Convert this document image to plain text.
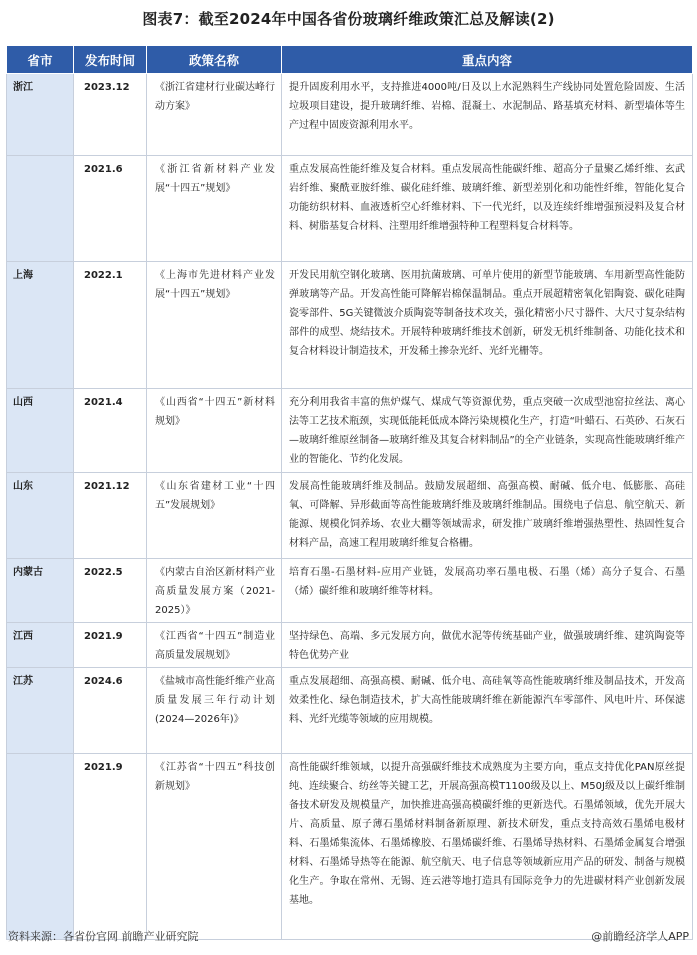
图表7：截至2024年中国各省份玻璃纤维政策汇总及解读(2)
省市	发布时间	政策名称	重点内容
浙江	2023.12	《浙江省建材行业碳达峰行动方案》	提升固废利用水平，支持推进4000吨/日及以上水泥熟料生产线协同处置危险固废、生活垃圾项目建设，提升玻璃纤维、岩棉、混凝土、水泥制品、路基填充材料、新型墙体等生产过程中固废资源利用水平。
	2021.6	《浙江省新材料产业发展“十四五”规划》	重点发展高性能纤维及复合材料。重点发展高性能碳纤维、超高分子量聚乙烯纤维、玄武岩纤维、聚酰亚胺纤维、碳化硅纤维、玻璃纤维、新型差别化和功能性纤维，智能化复合功能纺织材料、血液透析空心纤维材料、下一代光纤，以及连续纤维增强预浸料及复合材料、树脂基复合材料、注塑用纤维增强特种工程塑料复合材料等。
上海	2022.1	《上海市先进材料产业发展“十四五”规划》	开发民用航空钢化玻璃、医用抗菌玻璃、可单片使用的新型节能玻璃、车用新型高性能防弹玻璃等产品。开发高性能可降解岩棉保温制品。重点开展超精密氧化铝陶瓷、碳化硅陶瓷零部件、5G关键微波介质陶瓷等制备技术攻关，强化精密小尺寸器件、大尺寸复杂结构部件的成型、烧结技术。开展特种玻璃纤维技术创新，研发无机纤维制备、功能化技术和复合材料设计制造技术，开发稀土掺杂光纤、光纤光栅等。
山西	2021.4	《山西省“十四五”新材料规划》	充分利用我省丰富的焦炉煤气、煤成气等资源优势，重点突破一次成型池窑拉丝法、离心法等工艺技术瓶颈，实现低能耗低成本降污染规模化生产，打造“叶蜡石、石英砂、石灰石—玻璃纤维原丝制备—玻璃纤维及其复合材料制品”的全产业链条，实现高性能玻璃纤维产业的智能化、节约化发展。
山东	2021.12	《山东省建材工业“十四五”发展规划》	发展高性能玻璃纤维及制品。鼓励发展超细、高强高模、耐碱、低介电、低膨胀、高硅氧、可降解、异形截面等高性能玻璃纤维及玻璃纤维制品。围绕电子信息、航空航天、新能源、规模化饲养场、农业大棚等领域需求，研发推广玻璃纤维增强热塑性、热固性复合材料产品，高速工程用玻璃纤维复合格栅。
内蒙古	2022.5	《内蒙古自治区新材料产业高质量发展方案（2021-2025）》	培育石墨-石墨材料-应用产业链，发展高功率石墨电极、石墨（烯）高分子复合、石墨（烯）碳纤维和玻璃纤维等材料。
江西	2021.9	《江西省“十四五”制造业高质量发展规划》	坚持绿色、高端、多元发展方向，做优水泥等传统基础产业，做强玻璃纤维、建筑陶瓷等特色优势产业
江苏	2024.6	《盐城市高性能纤维产业高质量发展三年行动计划(2024—2026年)》	重点发展超细、高强高模、耐碱、低介电、高硅氧等高性能玻璃纤维及制品技术，开发高效柔性化、绿色制造技术，扩大高性能玻璃纤维在新能源汽车零部件、风电叶片、环保滤料、光纤光缆等领域的应用规模。
	2021.9	《江苏省“十四五”科技创新规划》	高性能碳纤维领域，以提升高强碳纤维技术成熟度为主要方向，重点支持优化PAN原丝提纯、连续聚合、纺丝等关键工艺，开展高强高模T1100级及以上、M50J级及以上碳纤维制备技术研发及规模量产，加快推进高强高模碳纤维的更新迭代。石墨烯领域，优先开展大片、高质量、原子薄石墨烯材料制备新原理、新技术研发，重点支持高效石墨烯电极材料、石墨烯集流体、石墨烯橡胶、石墨烯碳纤维、石墨烯导热材料、石墨烯金属复合增强材料、石墨烯导热等在能源、航空航天、电子信息等领域新应用产品的研发、制备与规模化生产。争取在常州、无锡、连云港等地打造具有国际竞争力的先进碳材料产业创新发展基地。
资料来源：各省份官网 前瞻产业研究院	@前瞻经济学人APP
